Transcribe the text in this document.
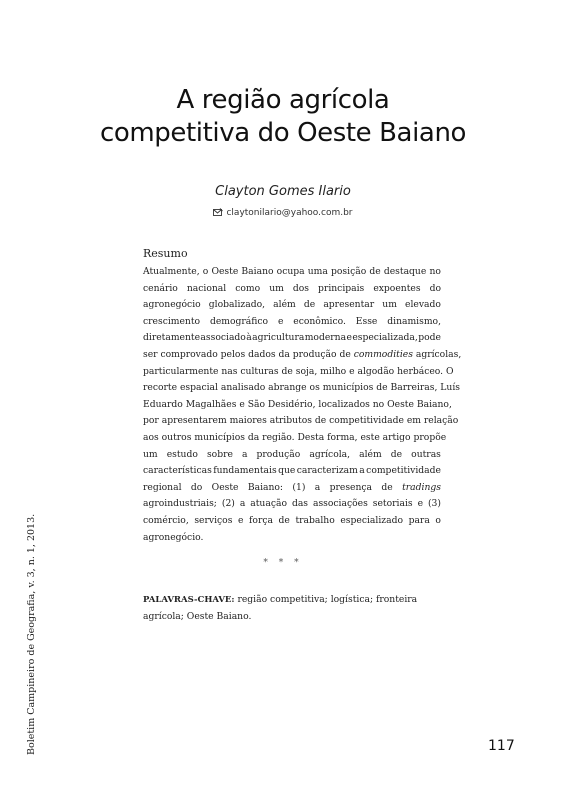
A região agrícola
competitiva do Oeste Baiano
Clayton Gomes Ilario
claytonilario@yahoo.com.br
Resumo
Atualmente, o Oeste Baiano ocupa uma posição de destaque no
cenário nacional como um dos principais expoentes do
agronegócio globalizado, além de apresentar um elevado
crescimento demográfico e econômico. Esse dinamismo,
diretamente associado à agricultura moderna e especializada, pode
ser comprovado pelos dados da produção de commodities agrícolas,
particularmente nas culturas de soja, milho e algodão herbáceo. O
recorte espacial analisado abrange os municípios de Barreiras, Luís
Eduardo Magalhães e São Desidério, localizados no Oeste Baiano,
por apresentarem maiores atributos de competitividade em relação
aos outros municípios da região. Desta forma, este artigo propõe
um estudo sobre a produção agrícola, além de outras
características fundamentais que caracterizam a competitividade
regional do Oeste Baiano: (1) a presença de tradings
agroindustriais; (2) a atuação das associações setoriais e (3)
comércio, serviços e força de trabalho especializado para o
agronegócio.
* * *
PALAVRAS-CHAVE: região competitiva; logística; fronteira agrícola; Oeste Baiano.
Boletim Campineiro de Geografia, v. 3, n. 1, 2013.	117
